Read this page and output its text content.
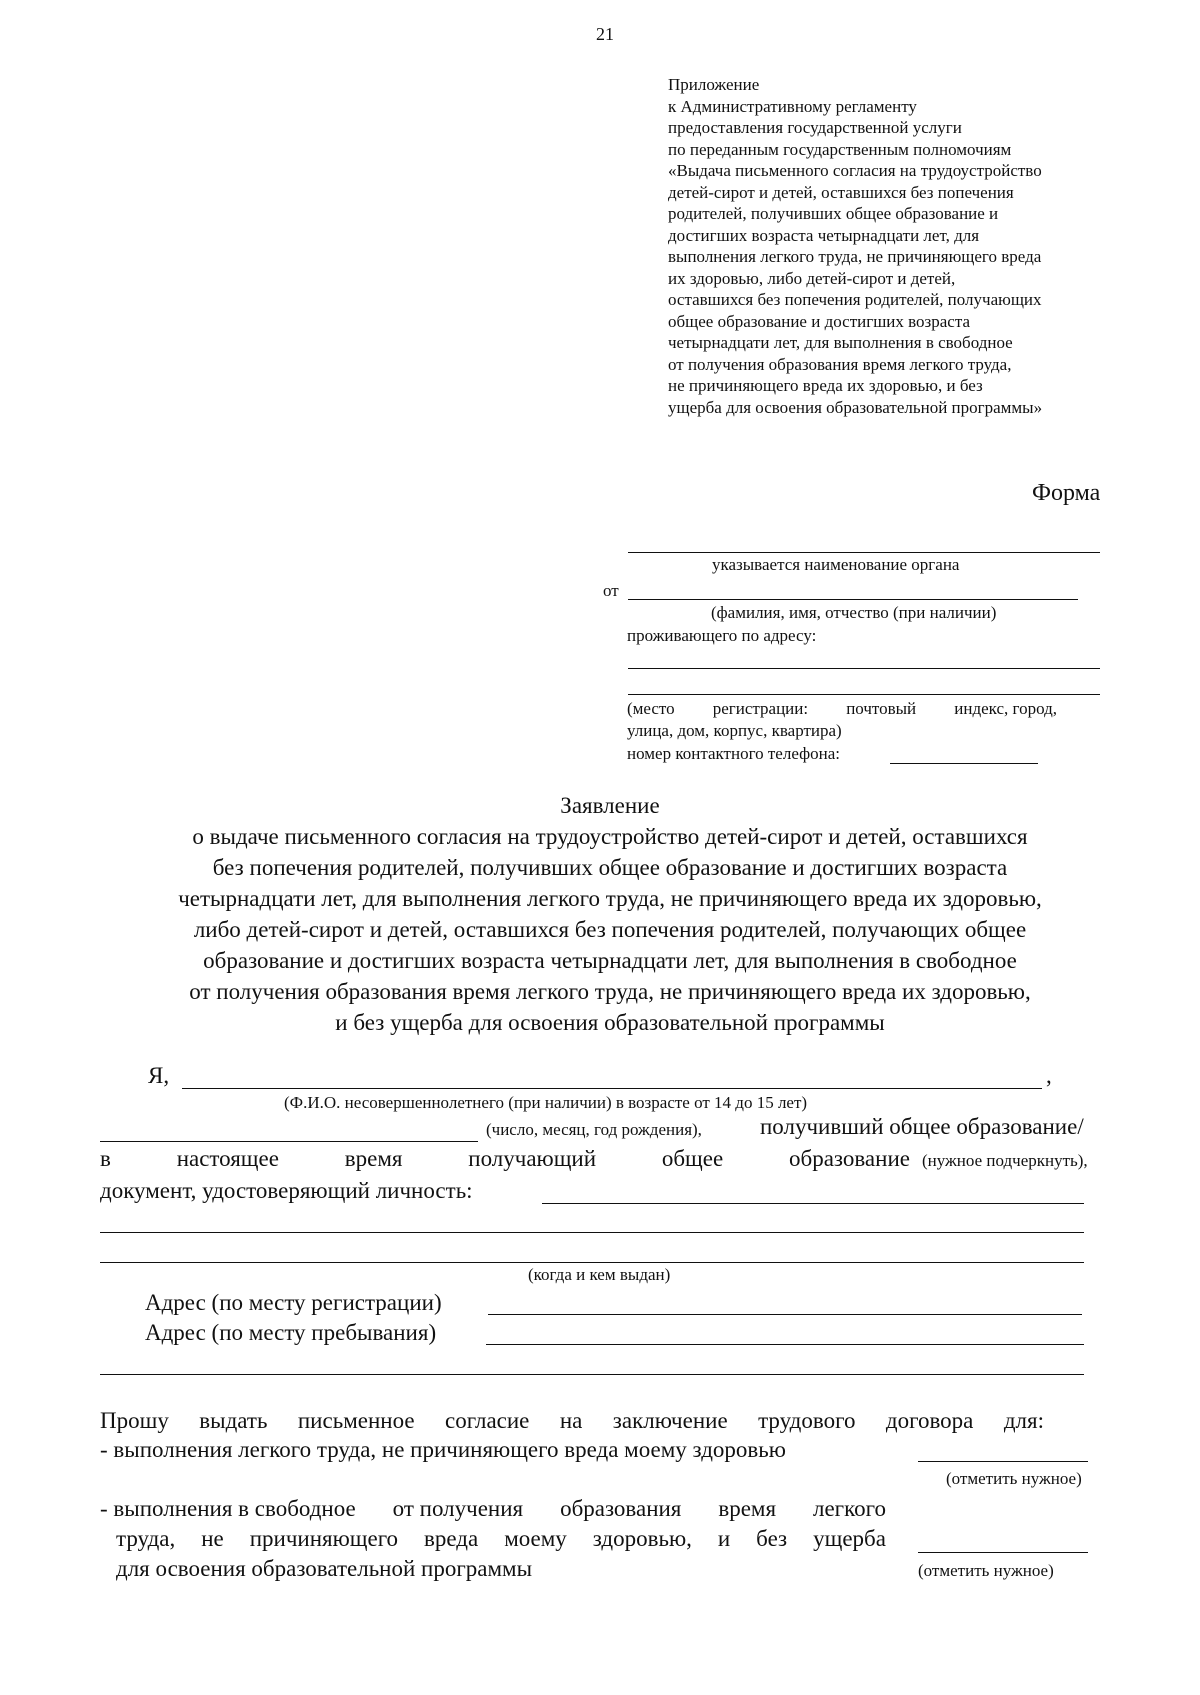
21
Приложение
к Административному регламенту
предоставления государственной услуги
по переданным государственным полномочиям
«Выдача письменного согласия на трудоустройство
детей-сирот и детей, оставшихся без попечения
родителей, получивших общее образование и
достигших возраста четырнадцати лет, для
выполнения легкого труда, не причиняющего вреда
их здоровью, либо детей-сирот и детей,
оставшихся без попечения родителей, получающих
общее образование и достигших возраста
четырнадцати лет, для выполнения в свободное
от получения образования время легкого труда,
не причиняющего вреда их здоровью, и без
ущерба для освоения образовательной программы»
Форма
указывается наименование органа
от
(фамилия, имя, отчество (при наличии)
проживающего по адресу:
(место регистрации: почтовый индекс, город,
улица, дом, корпус, квартира)
номер контактного телефона:
Заявление
о выдаче письменного согласия на трудоустройство детей-сирот и детей, оставшихся
без попечения родителей, получивших общее образование и достигших возраста
четырнадцати лет, для выполнения легкого труда, не причиняющего вреда их здоровью,
либо детей-сирот и детей, оставшихся без попечения родителей, получающих общее
образование и достигших возраста четырнадцати лет, для выполнения в свободное
от получения образования время легкого труда, не причиняющего вреда их здоровью,
и без ущерба для освоения образовательной программы
Я,	,
(Ф.И.О. несовершеннолетнего (при наличии) в возрасте от 14 до 15 лет)
(число, месяц, год рождения),	получивший общее образование/
в	настоящее	время	получающий	общее	образование (нужное подчеркнуть),
документ, удостоверяющий личность:
(когда и кем выдан)
Адрес (по месту регистрации)
Адрес (по месту пребывания)
Прошу выдать письменное согласие на заключение трудового договора для:
- выполнения легкого труда, не причиняющего вреда моему здоровью
(отметить нужное)
- выполнения в свободное от получения образования время легкого
труда, не причиняющего вреда моему здоровью, и без ущерба
для освоения образовательной программы	(отметить нужное)
